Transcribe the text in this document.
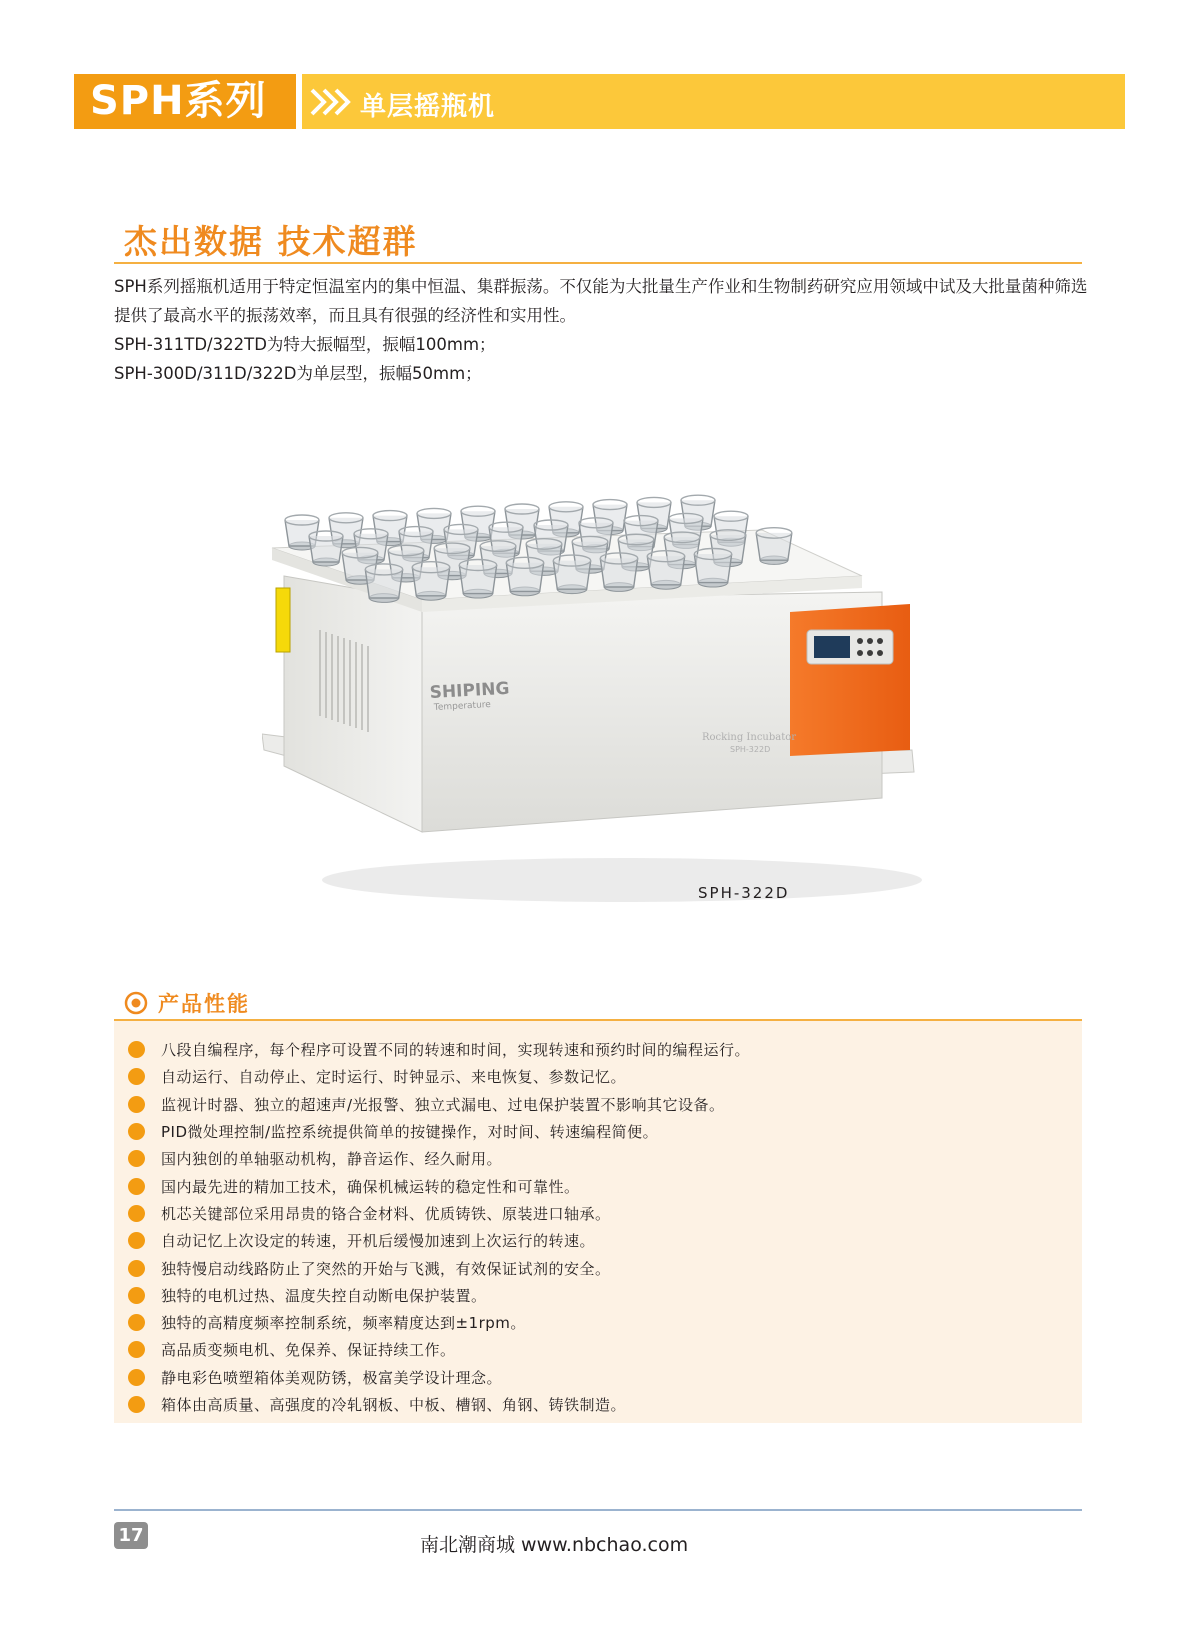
SPH系列	单层摇瓶机
杰出数据 技术超群

SPH系列摇瓶机适用于特定恒温室内的集中恒温、集群振荡。不仅能为大批量生产作业和生物制药研究应用领域中试及大批量菌种筛选提供了最高水平的振荡效率，而且具有很强的经济性和实用性。

SPH-311TD/322TD为特大振幅型，振幅100mm；

SPH-300D/311D/322D为单层型，振幅50mm；

SHIPING
Temperature
Rocking Incubator
SPH-322D
SPH-322D
产品性能
八段自编程序，每个程序可设置不同的转速和时间，实现转速和预约时间的编程运行。
自动运行、自动停止、定时运行、时钟显示、来电恢复、参数记忆。
监视计时器、独立的超速声/光报警、独立式漏电、过电保护装置不影响其它设备。
PID微处理控制/监控系统提供简单的按键操作，对时间、转速编程简便。
国内独创的单轴驱动机构，静音运作、经久耐用。
国内最先进的精加工技术，确保机械运转的稳定性和可靠性。
机芯关键部位采用昂贵的铬合金材料、优质铸铁、原装进口轴承。
自动记忆上次设定的转速，开机后缓慢加速到上次运行的转速。
独特慢启动线路防止了突然的开始与飞溅，有效保证试剂的安全。
独特的电机过热、温度失控自动断电保护装置。
独特的高精度频率控制系统，频率精度达到±1rpm。
高品质变频电机、免保养、保证持续工作。
静电彩色喷塑箱体美观防锈，极富美学设计理念。
箱体由高质量、高强度的冷轧钢板、中板、槽钢、角钢、铸铁制造。
17	南北潮商城 www.nbchao.com
